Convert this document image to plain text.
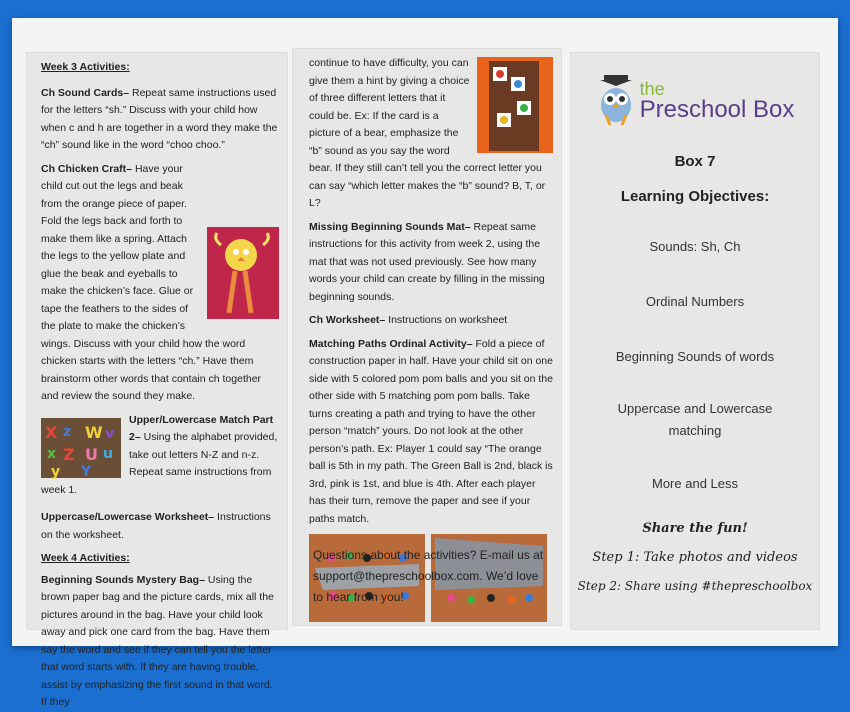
Week 3 Activities:

Ch Sound Cards– Repeat same instructions used for the letters “sh.” Discuss with your child how when c and h are together in a word they make the “ch” sound like in the word “choo choo.”

Ch Chicken Craft– Have your child cut out the legs and beak from the orange piece of paper. Fold the legs back and forth to make them like a spring. Attach the legs to the yellow plate and glue the beak and eyeballs to make the chicken’s face. Glue or tape the feathers to the sides of the plate to make the chicken’s wings. Discuss with your child how the word chicken starts with the letters “ch.” Have them brainstorm other words that contain ch together and review the sound they make.

X z W v
x Z U u
y Y
Upper/Lowercase Match Part 2– Using the alphabet provided, take out letters N-Z and n-z. Repeat same instructions from week 1.

Uppercase/Lowercase Worksheet– Instructions on the worksheet.

Week 4 Activities:

Beginning Sounds Mystery Bag– Using the brown paper bag and the picture cards, mix all the pictures around in the bag. Have your child look away and pick one card from the bag. Have them say the word and see if they can tell you the letter that word starts with. If they are having trouble, assist by emphasizing the first sound in that word. If they

continue to have difficulty, you can give them a hint by giving a choice of three different letters that it could be. Ex: If the card is a picture of a bear, emphasize the “b” sound as you say the word bear. If they still can’t tell you the correct letter you can say “which letter makes the “b” sound? B, T, or L?

Missing Beginning Sounds Mat– Repeat same instructions for this activity from week 2, using the mat that was not used previously. See how many words your child can create by filling in the missing beginning sounds.

Ch Worksheet– Instructions on worksheet

Matching Paths Ordinal Activity– Fold a piece of construction paper in half. Have your child sit on one side with 5 colored pom pom balls and you sit on the other side with 5 matching pom pom balls. Take turns creating a path and trying to have the other person “match” yours. Do not look at the other person’s path. Ex: Player 1 could say “The orange ball is 5th in my path. The Green Ball is 2nd, black is 3rd, pink is 1st, and blue is 4th. After each player has their turn, remove the paper and see if your paths match.

Questions about the activities? E-mail us at support@thepreschoolbox.com. We’d love to hear from you!

the
Preschool Box
Box 7
Learning Objectives:
Sounds: Sh, Ch
Ordinal Numbers
Beginning Sounds of words
Uppercase and Lowercase matching
More and Less
Share the fun!
Step 1: Take photos and videos
Step 2: Share using #thepreschoolbox
